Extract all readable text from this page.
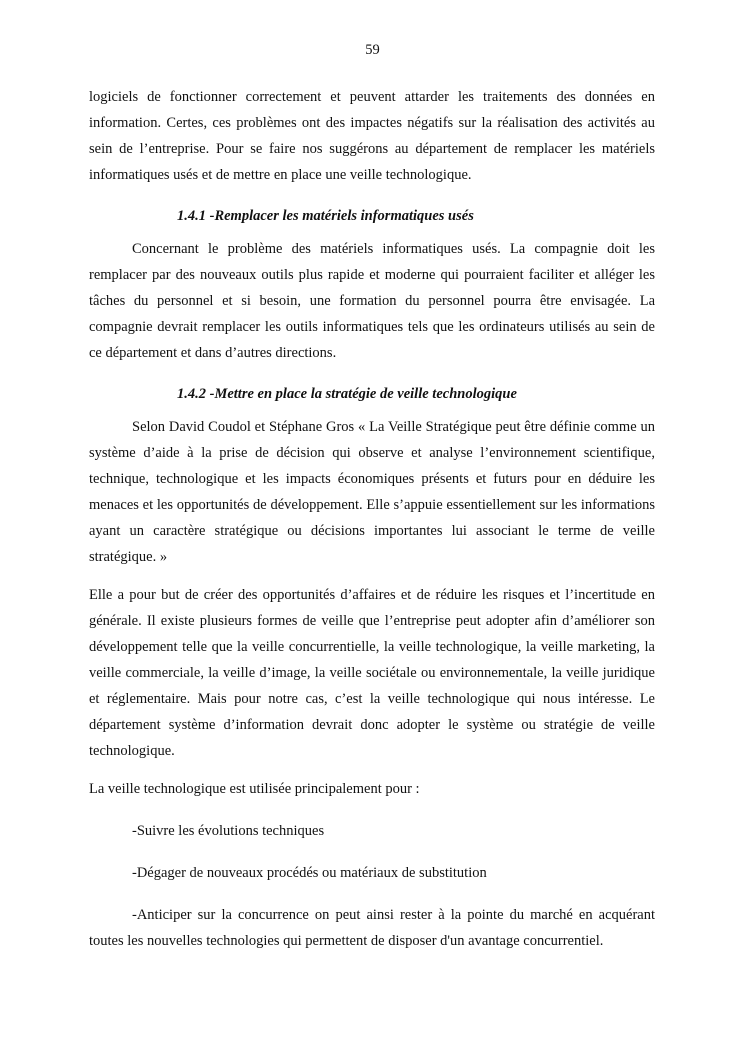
59

logiciels de fonctionner correctement et peuvent attarder les traitements des données en information. Certes, ces problèmes ont des impactes négatifs sur la réalisation des activités au sein de l’entreprise. Pour se faire nos suggérons au département de remplacer les matériels informatiques usés et de mettre en place une veille technologique.

1.4.1 -Remplacer les matériels informatiques usés

Concernant le problème des matériels informatiques usés. La compagnie doit les remplacer par des nouveaux outils plus rapide et moderne qui pourraient faciliter et alléger les tâches du personnel et si besoin, une formation du personnel pourra être envisagée. La compagnie devrait remplacer les outils informatiques tels que les ordinateurs utilisés au sein de ce département et dans d’autres directions.

1.4.2 -Mettre en place la stratégie de veille technologique

Selon David Coudol et Stéphane Gros « La Veille Stratégique peut être définie comme un système d’aide à la prise de décision qui observe et analyse l’environnement scientifique, technique, technologique et les impacts économiques présents et futurs pour en déduire les menaces et les opportunités de développement. Elle s’appuie essentiellement sur les informations ayant un caractère stratégique ou décisions importantes lui associant le terme de veille stratégique. »

Elle a pour but de créer des opportunités d’affaires et de réduire les risques et l’incertitude en générale. Il existe plusieurs formes de veille que l’entreprise peut adopter afin d’améliorer son développement telle que la veille concurrentielle, la veille technologique, la veille marketing, la veille commerciale, la veille d’image, la veille sociétale ou environnementale, la veille juridique et réglementaire. Mais pour notre cas, c’est la veille technologique qui nous intéresse. Le département système d’information devrait donc adopter le système ou stratégie de veille technologique.

La veille technologique est utilisée principalement pour :

-Suivre les évolutions techniques

-Dégager de nouveaux procédés ou matériaux de substitution

-Anticiper sur la concurrence on peut ainsi rester à la pointe du marché en acquérant toutes les nouvelles technologies qui permettent de disposer d'un avantage concurrentiel.
